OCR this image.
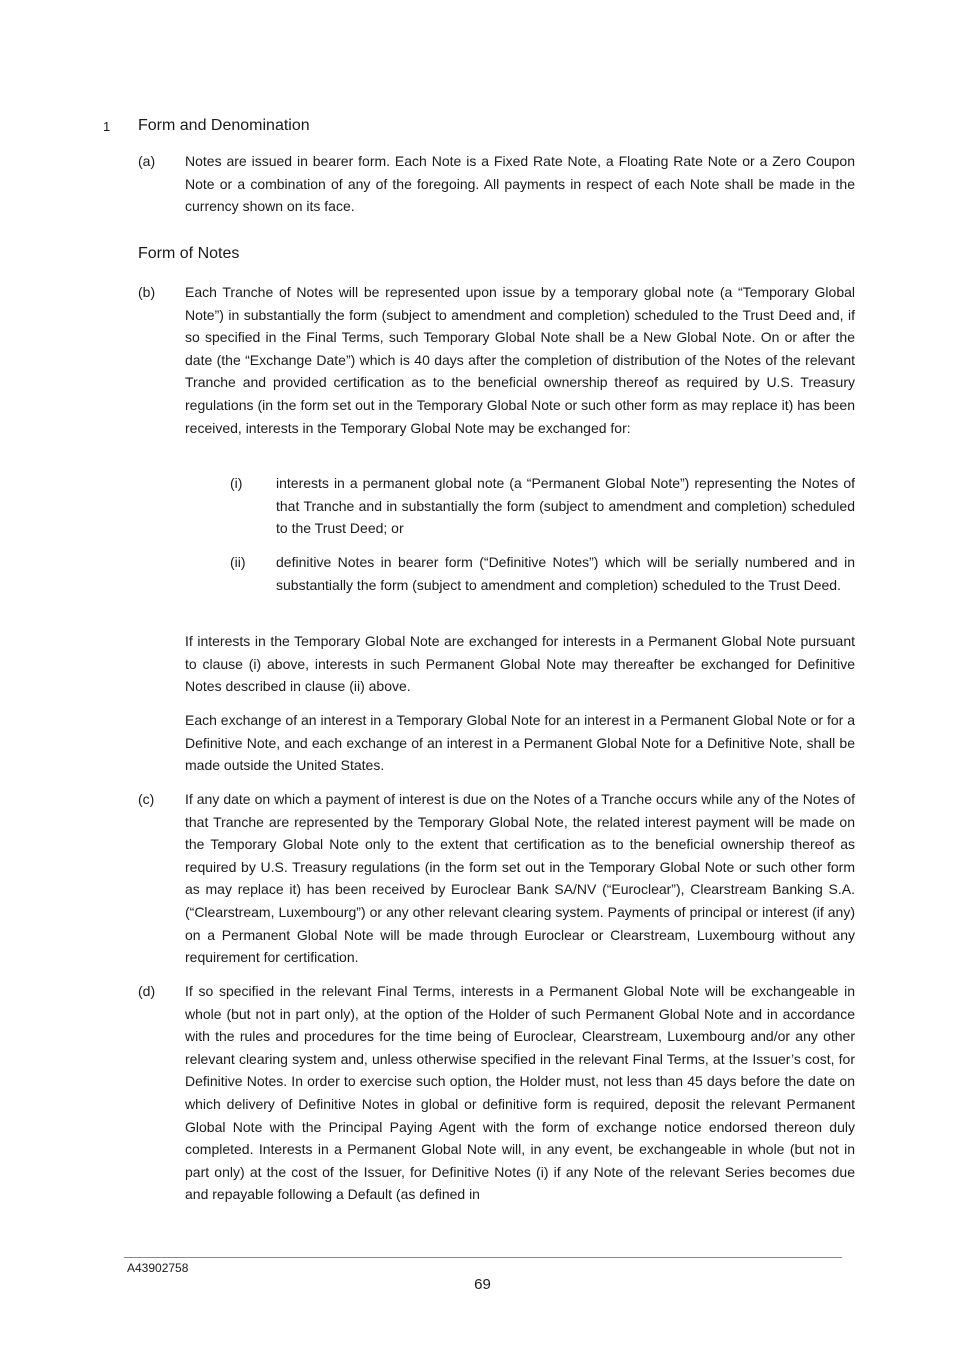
1 Form and Denomination
(a) Notes are issued in bearer form. Each Note is a Fixed Rate Note, a Floating Rate Note or a Zero Coupon Note or a combination of any of the foregoing. All payments in respect of each Note shall be made in the currency shown on its face.
Form of Notes
(b) Each Tranche of Notes will be represented upon issue by a temporary global note (a “Temporary Global Note”) in substantially the form (subject to amendment and completion) scheduled to the Trust Deed and, if so specified in the Final Terms, such Temporary Global Note shall be a New Global Note. On or after the date (the “Exchange Date”) which is 40 days after the completion of distribution of the Notes of the relevant Tranche and provided certification as to the beneficial ownership thereof as required by U.S. Treasury regulations (in the form set out in the Temporary Global Note or such other form as may replace it) has been received, interests in the Temporary Global Note may be exchanged for:
(i) interests in a permanent global note (a “Permanent Global Note”) representing the Notes of that Tranche and in substantially the form (subject to amendment and completion) scheduled to the Trust Deed; or
(ii) definitive Notes in bearer form (“Definitive Notes”) which will be serially numbered and in substantially the form (subject to amendment and completion) scheduled to the Trust Deed.
If interests in the Temporary Global Note are exchanged for interests in a Permanent Global Note pursuant to clause (i) above, interests in such Permanent Global Note may thereafter be exchanged for Definitive Notes described in clause (ii) above.
Each exchange of an interest in a Temporary Global Note for an interest in a Permanent Global Note or for a Definitive Note, and each exchange of an interest in a Permanent Global Note for a Definitive Note, shall be made outside the United States.
(c) If any date on which a payment of interest is due on the Notes of a Tranche occurs while any of the Notes of that Tranche are represented by the Temporary Global Note, the related interest payment will be made on the Temporary Global Note only to the extent that certification as to the beneficial ownership thereof as required by U.S. Treasury regulations (in the form set out in the Temporary Global Note or such other form as may replace it) has been received by Euroclear Bank SA/NV (“Euroclear”), Clearstream Banking S.A. (“Clearstream, Luxembourg”) or any other relevant clearing system. Payments of principal or interest (if any) on a Permanent Global Note will be made through Euroclear or Clearstream, Luxembourg without any requirement for certification.
(d) If so specified in the relevant Final Terms, interests in a Permanent Global Note will be exchangeable in whole (but not in part only), at the option of the Holder of such Permanent Global Note and in accordance with the rules and procedures for the time being of Euroclear, Clearstream, Luxembourg and/or any other relevant clearing system and, unless otherwise specified in the relevant Final Terms, at the Issuer’s cost, for Definitive Notes. In order to exercise such option, the Holder must, not less than 45 days before the date on which delivery of Definitive Notes in global or definitive form is required, deposit the relevant Permanent Global Note with the Principal Paying Agent with the form of exchange notice endorsed thereon duly completed. Interests in a Permanent Global Note will, in any event, be exchangeable in whole (but not in part only) at the cost of the Issuer, for Definitive Notes (i) if any Note of the relevant Series becomes due and repayable following a Default (as defined in
A43902758
69
